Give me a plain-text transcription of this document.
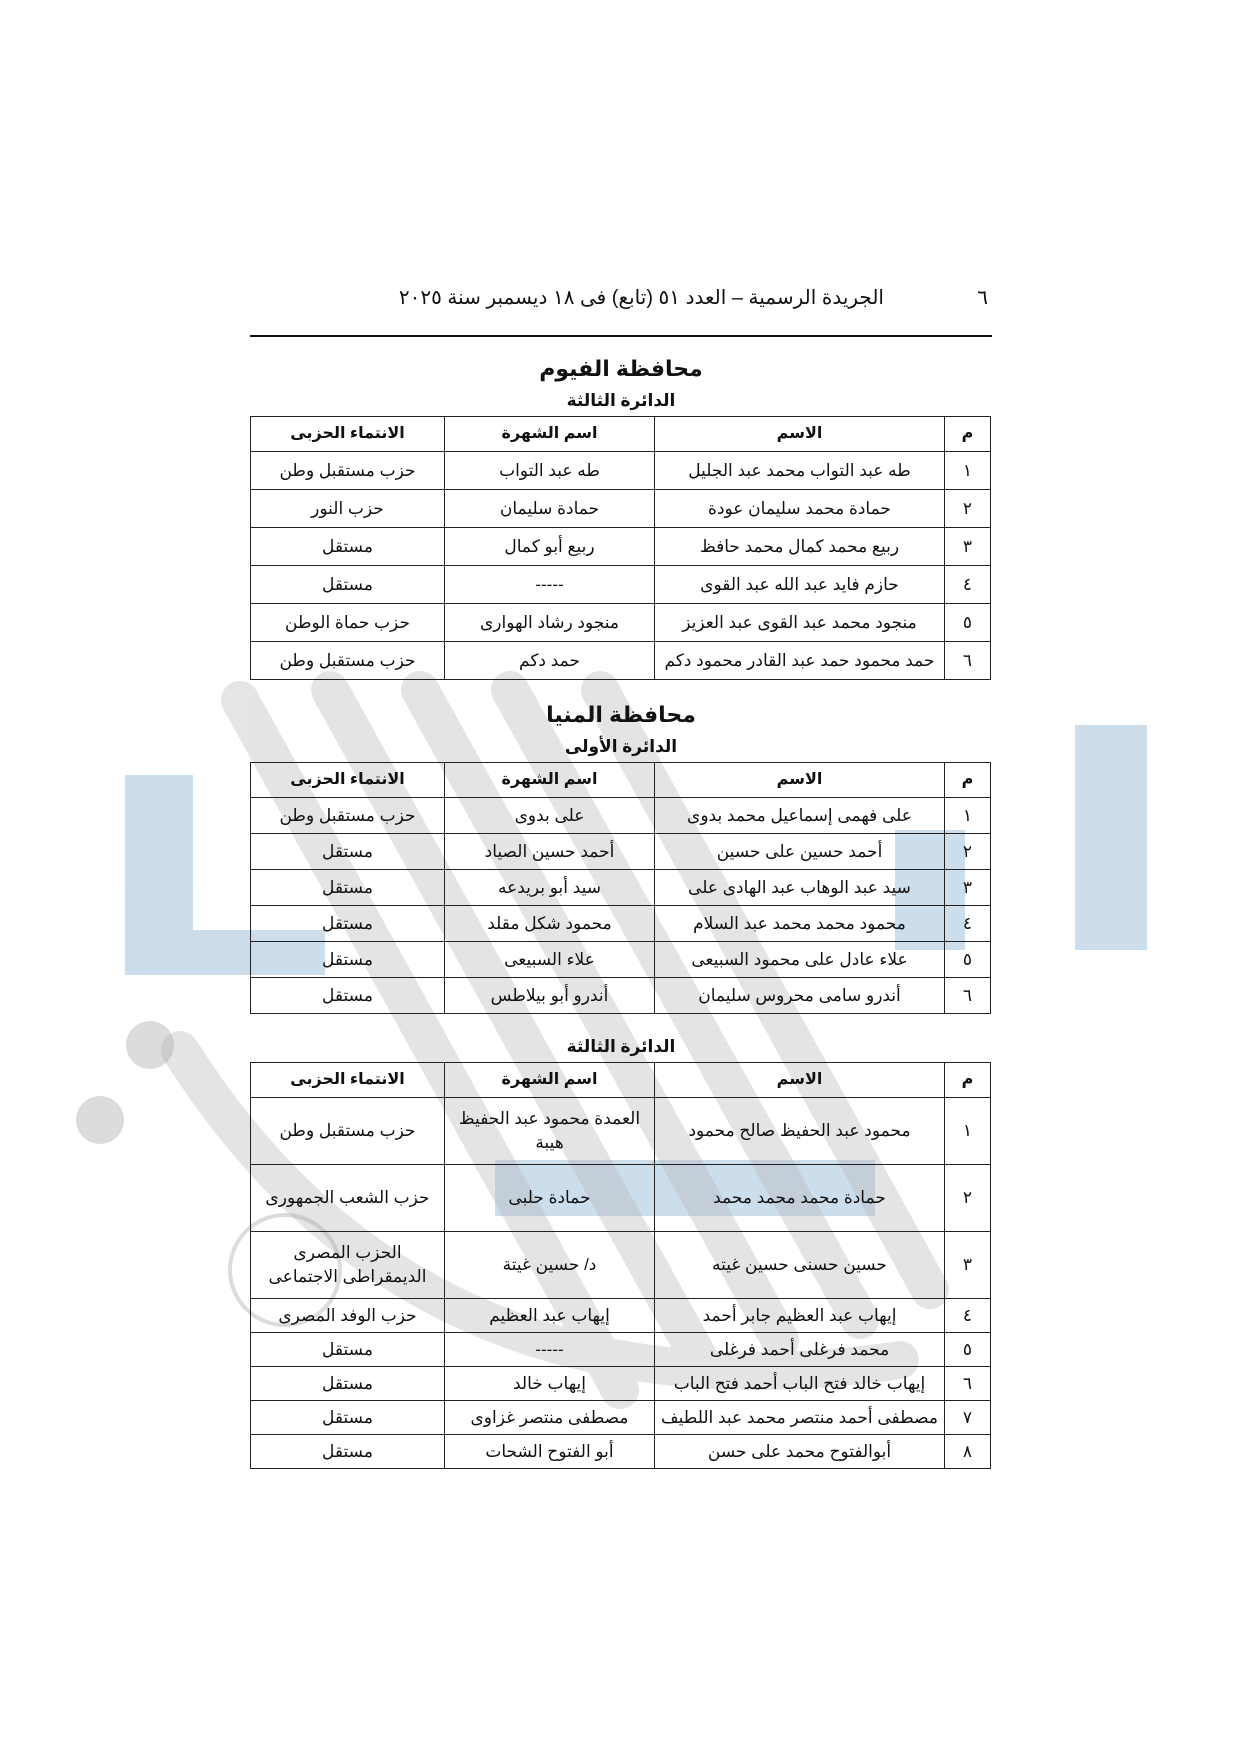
٦
الجريدة الرسمية – العدد ٥١ (تابع) فى ١٨ ديسمبر سنة ٢٠٢٥
محافظة الفيوم
الدائرة الثالثة
م	الاسم	اسم الشهرة	الانتماء الحزبى
١	طه عبد التواب محمد عبد الجليل	طه عبد التواب	حزب مستقبل وطن
٢	حمادة محمد سليمان عودة	حمادة سليمان	حزب النور
٣	ربيع محمد كمال محمد حافظ	ربيع أبو كمال	مستقل
٤	حازم فايد عبد الله عبد القوى	-----	مستقل
٥	منجود محمد عبد القوى عبد العزيز	منجود رشاد الهوارى	حزب حماة الوطن
٦	حمد محمود حمد عبد القادر محمود دكم	حمد دكم	حزب مستقبل وطن
محافظة المنيا
الدائرة الأولى
م	الاسم	اسم الشهرة	الانتماء الحزبى
١	على فهمى إسماعيل محمد بدوى	على بدوى	حزب مستقبل وطن
٢	أحمد حسين على حسين	أحمد حسين الصياد	مستقل
٣	سيد عبد الوهاب عبد الهادى على	سيد أبو بريدعه	مستقل
٤	محمود محمد محمد عبد السلام	محمود شكل مقلد	مستقل
٥	علاء عادل على محمود السبيعى	علاء السبيعى	مستقل
٦	أندرو سامى محروس سليمان	أندرو أبو بيلاطس	مستقل
الدائرة الثالثة
م	الاسم	اسم الشهرة	الانتماء الحزبى
١	محمود عبد الحفيظ صالح محمود	العمدة محمود عبد الحفيظ هيبة	حزب مستقبل وطن
٢	حمادة محمد محمد محمد	حمادة حلبى	حزب الشعب الجمهورى
٣	حسين حسنى حسين غيته	د/ حسين غيتة	الحزب المصرى الديمقراطى الاجتماعى
٤	إيهاب عبد العظيم جابر أحمد	إيهاب عبد العظيم	حزب الوفد المصرى
٥	محمد فرغلى أحمد فرغلى	-----	مستقل
٦	إيهاب خالد فتح الباب أحمد فتح الباب	إيهاب خالد	مستقل
٧	مصطفى أحمد منتصر محمد عبد اللطيف	مصطفى منتصر غزاوى	مستقل
٨	أبوالفتوح محمد على حسن	أبو الفتوح الشحات	مستقل
